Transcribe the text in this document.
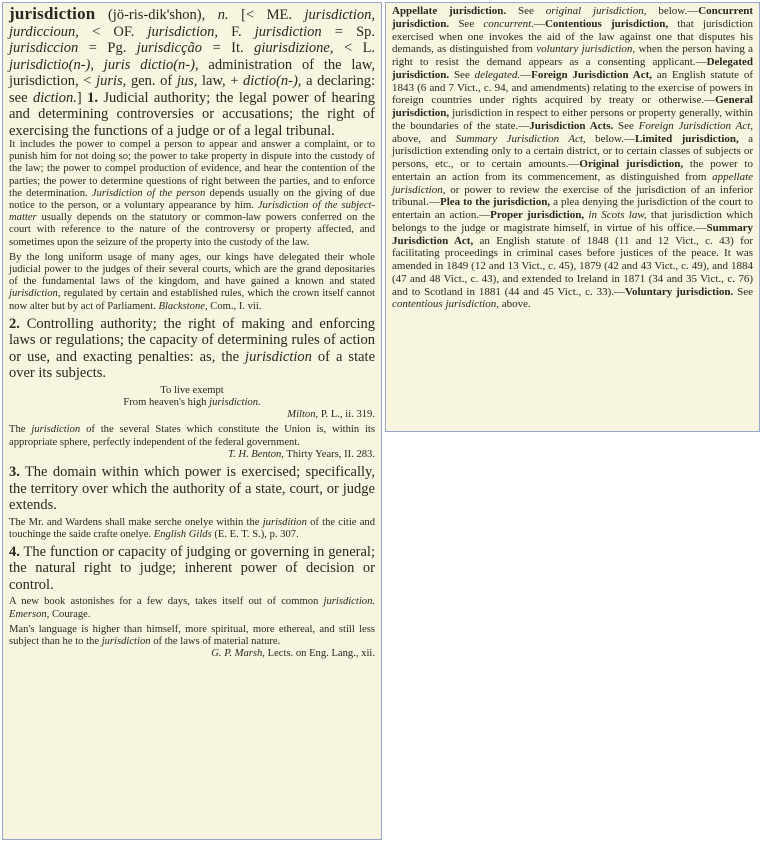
jurisdiction (jö-ris-dik'shon), n. [< ME. jurisdiction, jurdiccioun, < OF. jurisdiction, F. jurisdiction = Sp. jurisdiccion = Pg. jurisdicção = It. giurisdizione, < L. jurisdictio(n-), juris dictio(n-), administration of the law, jurisdiction, < juris, gen. of jus, law, + dictio(n-), a declaring: see diction.] 1. Judicial authority; the legal power of hearing and determining controversies or accusations; the right of exercising the functions of a judge or of a legal tribunal.
It includes the power to compel a person to appear and answer a complaint, or to punish him for not doing so; the power to take property in dispute into the custody of the law; the power to compel production of evidence, and hear the contention of the parties; the power to determine questions of right between the parties, and to enforce the determination. Jurisdiction of the person depends usually on the giving of due notice to the person, or a voluntary appearance by him. Jurisdiction of the subject-matter usually depends on the statutory or common-law powers conferred on the court with reference to the nature of the controversy or property affected, and sometimes upon the seizure of the property into the custody of the law.
By the long uniform usage of many ages, our kings have delegated their whole judicial power to the judges of their several courts, which are the grand depositaries of the fundamental laws of the kingdom, and have gained a known and stated jurisdiction, regulated by certain and established rules, which the crown itself cannot now alter but by act of Parliament. Blackstone, Com., I. vii.
2. Controlling authority; the right of making and enforcing laws or regulations; the capacity of determining rules of action or use, and exacting penalties: as, the jurisdiction of a state over its subjects.
To live exempt
From heaven's high jurisdiction.
Milton, P. L., ii. 319.
The jurisdiction of the several States which constitute the Union is, within its appropriate sphere, perfectly independent of the federal government.
T. H. Benton, Thirty Years, II. 283.
3. The domain within which power is exercised; specifically, the territory over which the authority of a state, court, or judge extends.
The Mr. and Wardens shall make serche onelye within the jurisdition of the citie and touchinge the saide crafte onelye. English Gilds (E. E. T. S.), p. 307.
4. The function or capacity of judging or governing in general; the natural right to judge; inherent power of decision or control.
A new book astonishes for a few days, takes itself out of common jurisdiction. Emerson, Courage.
Man's language is higher than himself, more spiritual, more ethereal, and still less subject than he to the jurisdiction of the laws of material nature.
G. P. Marsh, Lects. on Eng. Lang., xii.
Appellate jurisdiction. See original jurisdiction, below.—Concurrent jurisdiction. See concurrent.—Contentious jurisdiction, that jurisdiction exercised when one invokes the aid of the law against one that disputes his demands, as distinguished from voluntary jurisdiction, when the person having a right to resist the demand appears as a consenting applicant.—Delegated jurisdiction. See delegated.—Foreign Jurisdiction Act, an English statute of 1843 (6 and 7 Vict., c. 94, and amendments) relating to the exercise of powers in foreign countries under rights acquired by treaty or otherwise.—General jurisdiction, jurisdiction in respect to either persons or property generally, within the boundaries of the state.—Jurisdiction Acts. See Foreign Jurisdiction Act, above, and Summary Jurisdiction Act, below.—Limited jurisdiction, a jurisdiction extending only to a certain district, or to certain classes of subjects or persons, etc., or to certain amounts.—Original jurisdiction, the power to entertain an action from its commencement, as distinguished from appellate jurisdiction, or power to review the exercise of the jurisdiction of an inferior tribunal.—Plea to the jurisdiction, a plea denying the jurisdiction of the court to entertain an action.—Proper jurisdiction, in Scots law, that jurisdiction which belongs to the judge or magistrate himself, in virtue of his office.—Summary Jurisdiction Act, an English statute of 1848 (11 and 12 Vict., c. 43) for facilitating proceedings in criminal cases before justices of the peace. It was amended in 1849 (12 and 13 Vict., c. 45), 1879 (42 and 43 Vict., c. 49), and 1884 (47 and 48 Vict., c. 43), and extended to Ireland in 1871 (34 and 35 Vict., c. 76) and to Scotland in 1881 (44 and 45 Vict., c. 33).—Voluntary jurisdiction. See contentious jurisdiction, above.
